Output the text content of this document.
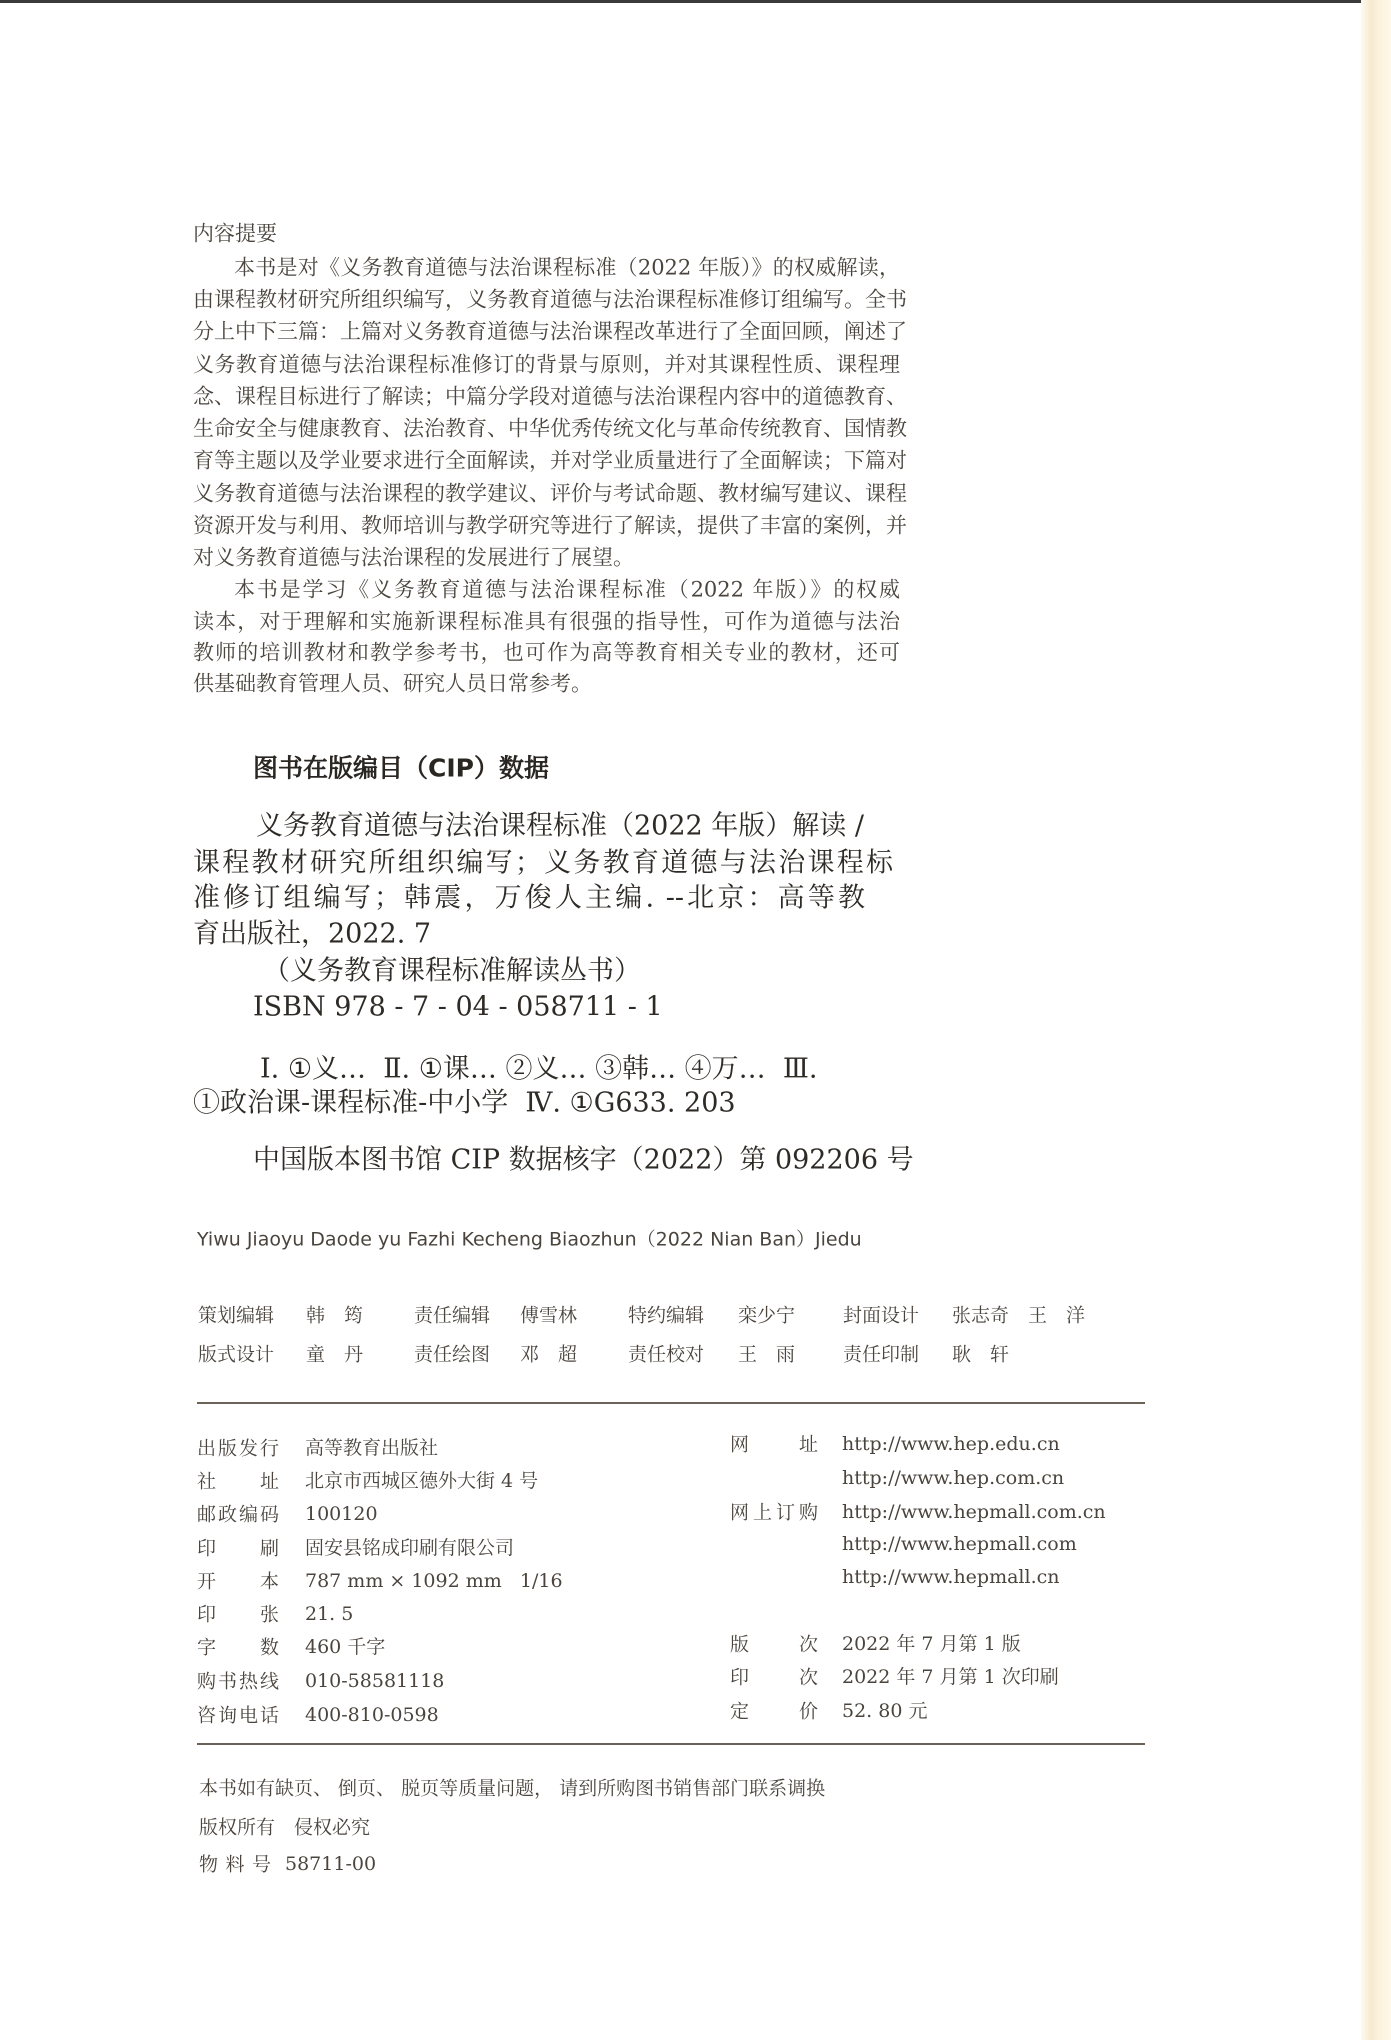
内容提要
本书是对《义务教育道德与法治课程标准（2022 年版）》的权威解读，
由课程教材研究所组织编写，义务教育道德与法治课程标准修订组编写。全书
分上中下三篇：上篇对义务教育道德与法治课程改革进行了全面回顾，阐述了
义务教育道德与法治课程标准修订的背景与原则，并对其课程性质、课程理
念、课程目标进行了解读；中篇分学段对道德与法治课程内容中的道德教育、
生命安全与健康教育、法治教育、中华优秀传统文化与革命传统教育、国情教
育等主题以及学业要求进行全面解读，并对学业质量进行了全面解读；下篇对
义务教育道德与法治课程的教学建议、评价与考试命题、教材编写建议、课程
资源开发与利用、教师培训与教学研究等进行了解读，提供了丰富的案例，并
对义务教育道德与法治课程的发展进行了展望。
本书是学习《义务教育道德与法治课程标准（2022 年版）》的权威
读本，对于理解和实施新课程标准具有很强的指导性，可作为道德与法治
教师的培训教材和教学参考书，也可作为高等教育相关专业的教材，还可
供基础教育管理人员、研究人员日常参考。
图书在版编目（CIP）数据
义务教育道德与法治课程标准（2022 年版）解读 /
课程教材研究所组织编写；义务教育道德与法治课程标
准修订组编写；韩震，万俊人主编. --北京：高等教
育出版社，2022. 7
（义务教育课程标准解读丛书）
ISBN 978 - 7 - 04 - 058711 - 1
Ⅰ. ①义…  Ⅱ. ①课… ②义… ③韩… ④万…  Ⅲ.
①政治课-课程标准-中小学  Ⅳ. ①G633. 203
中国版本图书馆 CIP 数据核字（2022）第 092206 号
Yiwu Jiaoyu Daode yu Fazhi Kecheng Biaozhun（2022 Nian Ban）Jiedu
策划编辑 韩　筠	责任编辑 傅雪林	特约编辑 栾少宁	封面设计 张志奇　王　洋
版式设计 童　丹	责任绘图 邓　超	责任校对 王　雨	责任印制 耿　轩
出版发行 高等教育出版社
社址 北京市西城区德外大街 4 号
邮政编码 100120
印刷 固安县铭成印刷有限公司
开本 787 mm × 1092 mm   1/16
印张 21. 5
字数 460 千字
购书热线 010-58581118
咨询电话 400-810-0598
网址 http://www.hep.edu.cn
http://www.hep.com.cn
网上订购 http://www.hepmall.com.cn
http://www.hepmall.com
http://www.hepmall.cn
版次 2022 年 7 月第 1 版
印次 2022 年 7 月第 1 次印刷
定价 52. 80 元
本书如有缺页、 倒页、 脱页等质量问题， 请到所购图书销售部门联系调换
版权所有　侵权必究
物 料 号 58711-00
